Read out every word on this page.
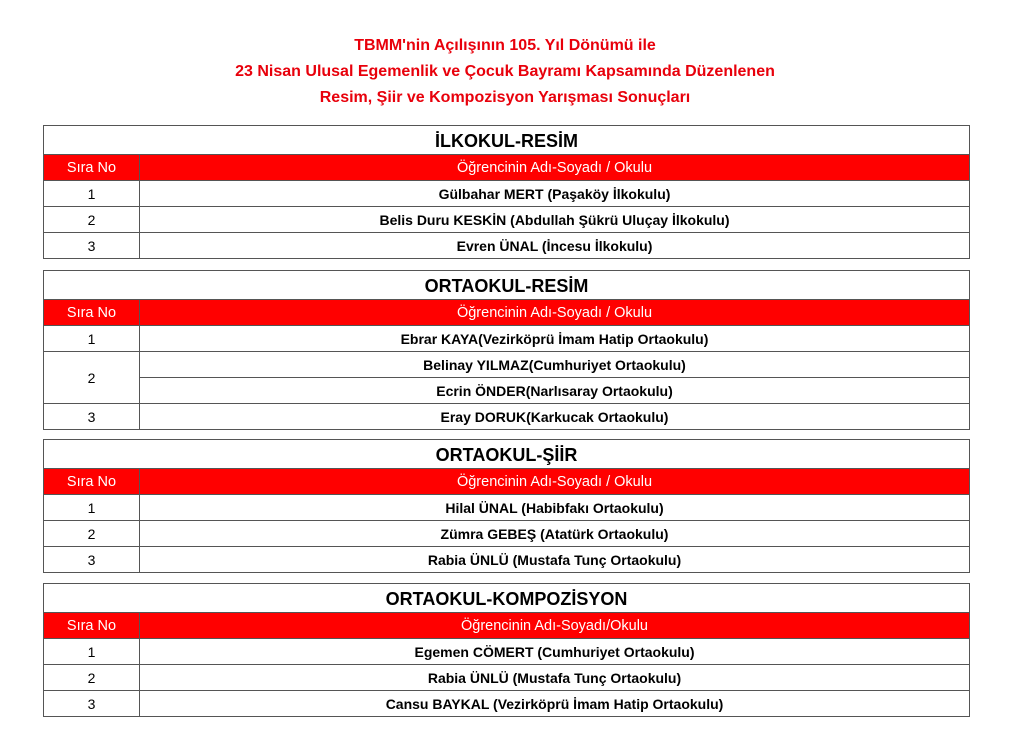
TBMM'nin Açılışının 105. Yıl Dönümü ile
23 Nisan Ulusal Egemenlik ve Çocuk Bayramı Kapsamında Düzenlenen
Resim, Şiir ve Kompozisyon Yarışması Sonuçları
İLKOKUL-RESİM	
Sıra No	Öğrencinin Adı-Soyadı / Okulu
1	Gülbahar MERT (Paşaköy İlkokulu)
2	Belis Duru KESKİN (Abdullah Şükrü Uluçay İlkokulu)
3	Evren ÜNAL (İncesu İlkokulu)
ORTAOKUL-RESİM	
Sıra No	Öğrencinin Adı-Soyadı / Okulu
1	Ebrar KAYA(Vezirköprü İmam Hatip Ortaokulu)
2	Belinay YILMAZ(Cumhuriyet Ortaokulu)
	Ecrin ÖNDER(Narlısaray Ortaokulu)
3	Eray DORUK(Karkucak Ortaokulu)
ORTAOKUL-ŞİİR	
Sıra No	Öğrencinin Adı-Soyadı / Okulu
1	Hilal ÜNAL (Habibfakı Ortaokulu)
2	Zümra GEBEŞ (Atatürk Ortaokulu)
3	Rabia ÜNLÜ (Mustafa Tunç Ortaokulu)
ORTAOKUL-KOMPOZİSYON	
Sıra No	Öğrencinin Adı-Soyadı/Okulu
1	Egemen CÖMERT (Cumhuriyet Ortaokulu)
2	Rabia ÜNLÜ (Mustafa Tunç Ortaokulu)
3	Cansu BAYKAL (Vezirköprü İmam Hatip Ortaokulu)
